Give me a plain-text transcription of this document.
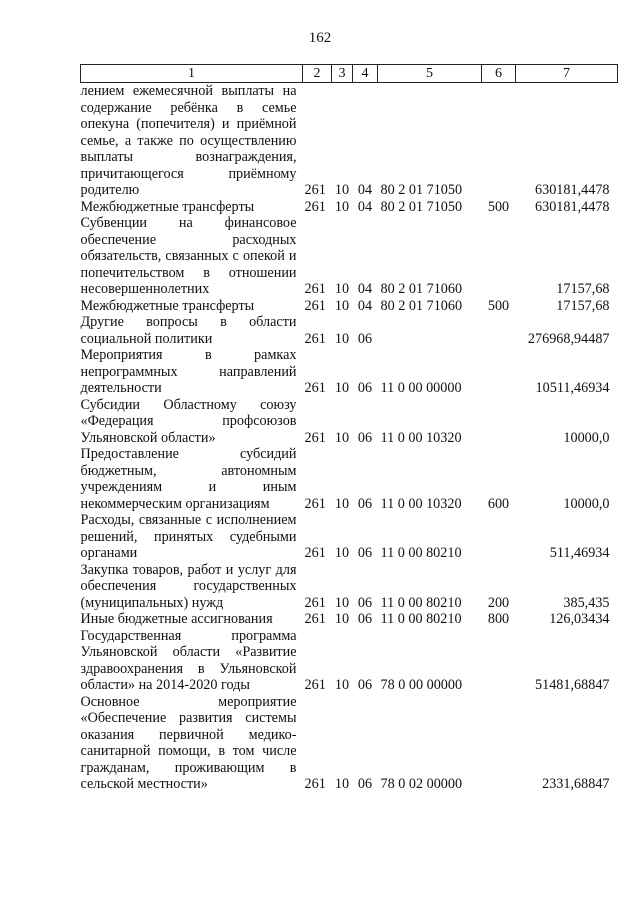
162
1	2	3	4	5	6	7
лением ежемесячной выплаты на содержание ребёнка в семье опекуна (попечителя) и приёмной семье, а также по осуществлению выплаты вознаграждения, причитающегося приёмному родителю	261	10	04	80 2 01 71050		630181,4478
Межбюджетные трансферты	261	10	04	80 2 01 71050	500	630181,4478
Субвенции на финансовое обеспечение расходных обязательств, связанных с опекой и попечительством в отношении несовершеннолетних	261	10	04	80 2 01 71060		17157,68
Межбюджетные трансферты	261	10	04	80 2 01 71060	500	17157,68
Другие вопросы в области социальной политики	261	10	06			276968,94487
Мероприятия в рамках непрограммных направлений деятельности	261	10	06	11 0 00 00000		10511,46934
Субсидии Областному союзу «Федерация профсоюзов Ульяновской области»	261	10	06	11 0 00 10320		10000,0
Предоставление субсидий бюджетным, автономным учреждениям и иным некоммерческим организациям	261	10	06	11 0 00 10320	600	10000,0
Расходы, связанные с исполнением решений, принятых судебными органами	261	10	06	11 0 00 80210		511,46934
Закупка товаров, работ и услуг для обеспечения государственных (муниципальных) нужд	261	10	06	11 0 00 80210	200	385,435
Иные бюджетные ассигнования	261	10	06	11 0 00 80210	800	126,03434
Государственная программа Ульяновской области «Развитие здравоохранения в Ульяновской области» на 2014-2020 годы	261	10	06	78 0 00 00000		51481,68847
Основное мероприятие «Обеспечение развития системы оказания первичной медико-санитарной помощи, в том числе гражданам, проживающим в сельской местности»	261	10	06	78 0 02 00000		2331,68847
